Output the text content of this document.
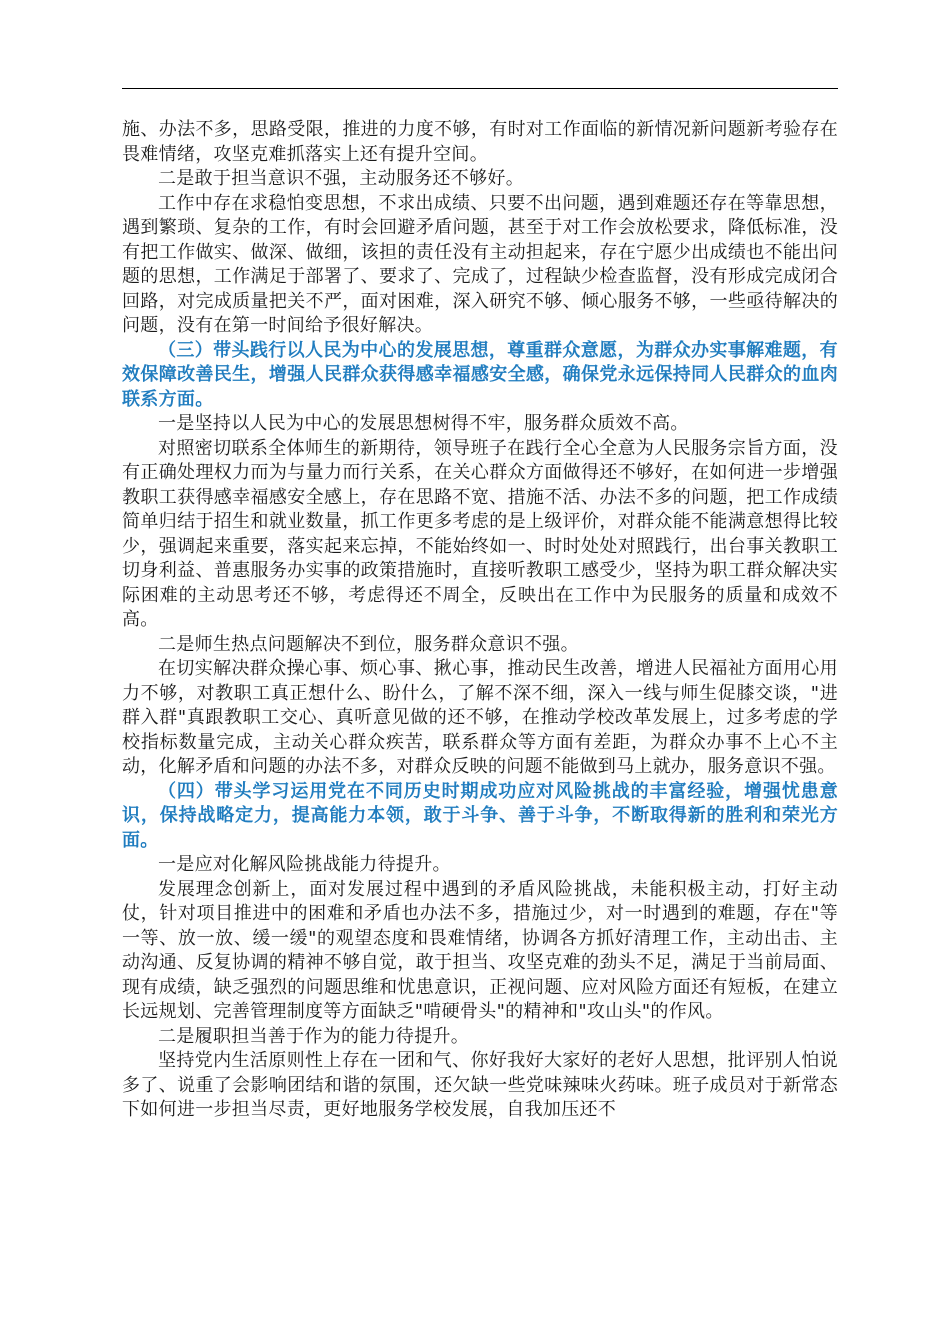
施、办法不多，思路受限，推进的力度不够，有时对工作面临的新情况新问题新考验存在畏难情绪，攻坚克难抓落实上还有提升空间。

二是敢于担当意识不强，主动服务还不够好。

工作中存在求稳怕变思想，不求出成绩、只要不出问题，遇到难题还存在等靠思想，遇到繁琐、复杂的工作，有时会回避矛盾问题，甚至于对工作会放松要求，降低标准，没有把工作做实、做深、做细，该担的责任没有主动担起来，存在宁愿少出成绩也不能出问题的思想，工作满足于部署了、要求了、完成了，过程缺少检查监督，没有形成完成闭合回路，对完成质量把关不严，面对困难，深入研究不够、倾心服务不够，一些亟待解决的问题，没有在第一时间给予很好解决。

（三）带头践行以人民为中心的发展思想，尊重群众意愿，为群众办实事解难题，有效保障改善民生，增强人民群众获得感幸福感安全感，确保党永远保持同人民群众的血肉联系方面。

一是坚持以人民为中心的发展思想树得不牢，服务群众质效不高。

对照密切联系全体师生的新期待，领导班子在践行全心全意为人民服务宗旨方面，没有正确处理权力而为与量力而行关系，在关心群众方面做得还不够好，在如何进一步增强教职工获得感幸福感安全感上，存在思路不宽、措施不活、办法不多的问题，把工作成绩简单归结于招生和就业数量，抓工作更多考虑的是上级评价，对群众能不能满意想得比较少，强调起来重要，落实起来忘掉，不能始终如一、时时处处对照践行，出台事关教职工切身利益、普惠服务办实事的政策措施时，直接听教职工感受少，坚持为职工群众解决实际困难的主动思考还不够，考虑得还不周全，反映出在工作中为民服务的质量和成效不高。

二是师生热点问题解决不到位，服务群众意识不强。

在切实解决群众操心事、烦心事、揪心事，推动民生改善，增进人民福祉方面用心用力不够，对教职工真正想什么、盼什么，了解不深不细，深入一线与师生促膝交谈，"进群入群"真跟教职工交心、真听意见做的还不够，在推动学校改革发展上，过多考虑的学校指标数量完成，主动关心群众疾苦，联系群众等方面有差距，为群众办事不上心不主动，化解矛盾和问题的办法不多，对群众反映的问题不能做到马上就办，服务意识不强。

（四）带头学习运用党在不同历史时期成功应对风险挑战的丰富经验，增强忧患意识，保持战略定力，提高能力本领，敢于斗争、善于斗争，不断取得新的胜利和荣光方面。

一是应对化解风险挑战能力待提升。

发展理念创新上，面对发展过程中遇到的矛盾风险挑战，未能积极主动，打好主动仗，针对项目推进中的困难和矛盾也办法不多，措施过少，对一时遇到的难题，存在"等一等、放一放、缓一缓"的观望态度和畏难情绪，协调各方抓好清理工作，主动出击、主动沟通、反复协调的精神不够自觉，敢于担当、攻坚克难的劲头不足，满足于当前局面、现有成绩，缺乏强烈的问题思维和忧患意识，正视问题、应对风险方面还有短板，在建立长远规划、完善管理制度等方面缺乏"啃硬骨头"的精神和"攻山头"的作风。

二是履职担当善于作为的能力待提升。

坚持党内生活原则性上存在一团和气、你好我好大家好的老好人思想，批评别人怕说多了、说重了会影响团结和谐的氛围，还欠缺一些党味辣味火药味。班子成员对于新常态下如何进一步担当尽责，更好地服务学校发展，自我加压还不
